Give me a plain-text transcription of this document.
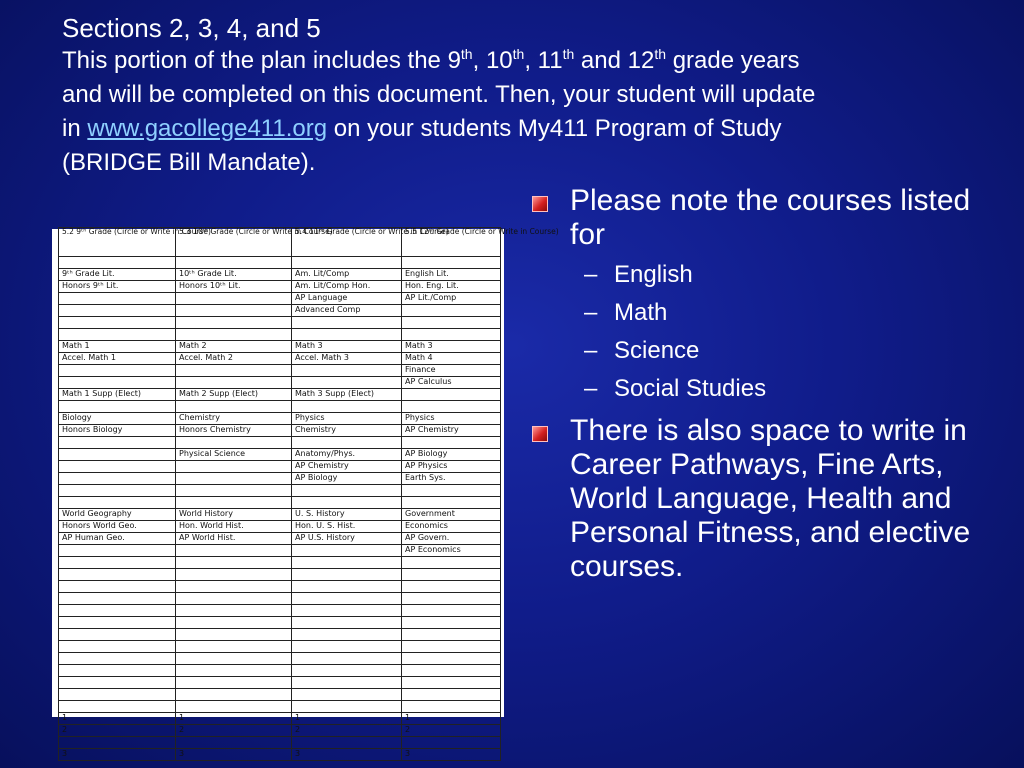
Sections 2, 3, 4, and 5

This portion of the plan includes the 9th, 10th, 11th and 12th grade years
and will be completed on this document. Then, your student will update
in www.gacollege411.org on your students My411 Program of Study
(BRIDGE Bill Mandate).

5.2 9ᵗʰ Grade (Circle or Write in Course)	5.3 10ᵗʰ Grade (Circle or Write in Course)	5.4 11ᵗʰ Grade (Circle or Write in Course)	5.5 12ᵗʰ Grade (Circle or Write in Course)

9ᵗʰ Grade Lit.	10ᵗʰ Grade Lit.	Am. Lit/Comp	English Lit.
Honors 9ᵗʰ Lit.	Honors 10ᵗʰ Lit.	Am. Lit/Comp Hon.	Hon. Eng. Lit.
		AP Language	AP Lit./Comp
		Advanced Comp	

Math 1	Math 2	Math 3	Math 3
Accel. Math 1	Accel. Math 2	Accel. Math 3	Math 4
			Finance
			AP Calculus
Math 1 Supp (Elect)	Math 2 Supp (Elect)	Math 3 Supp (Elect)	

Biology	Chemistry	Physics	Physics
Honors Biology	Honors Chemistry	Chemistry	AP Chemistry

	Physical Science	Anatomy/Phys.	AP Biology
		AP Chemistry	AP Physics
		AP Biology	Earth Sys.

World Geography	World History	U. S. History	Government
Honors World Geo.	Hon. World Hist.	Hon. U. S. Hist.	Economics
AP Human Geo.	AP World Hist.	AP U.S. History	AP Govern.
			AP Economics

1	1	1	1
2	2	2	2

3	3	3	3
Please note the courses listed for
– English
– Math
– Science
– Social Studies
There is also space to write in Career Pathways, Fine Arts, World Language, Health and Personal Fitness, and elective courses.
